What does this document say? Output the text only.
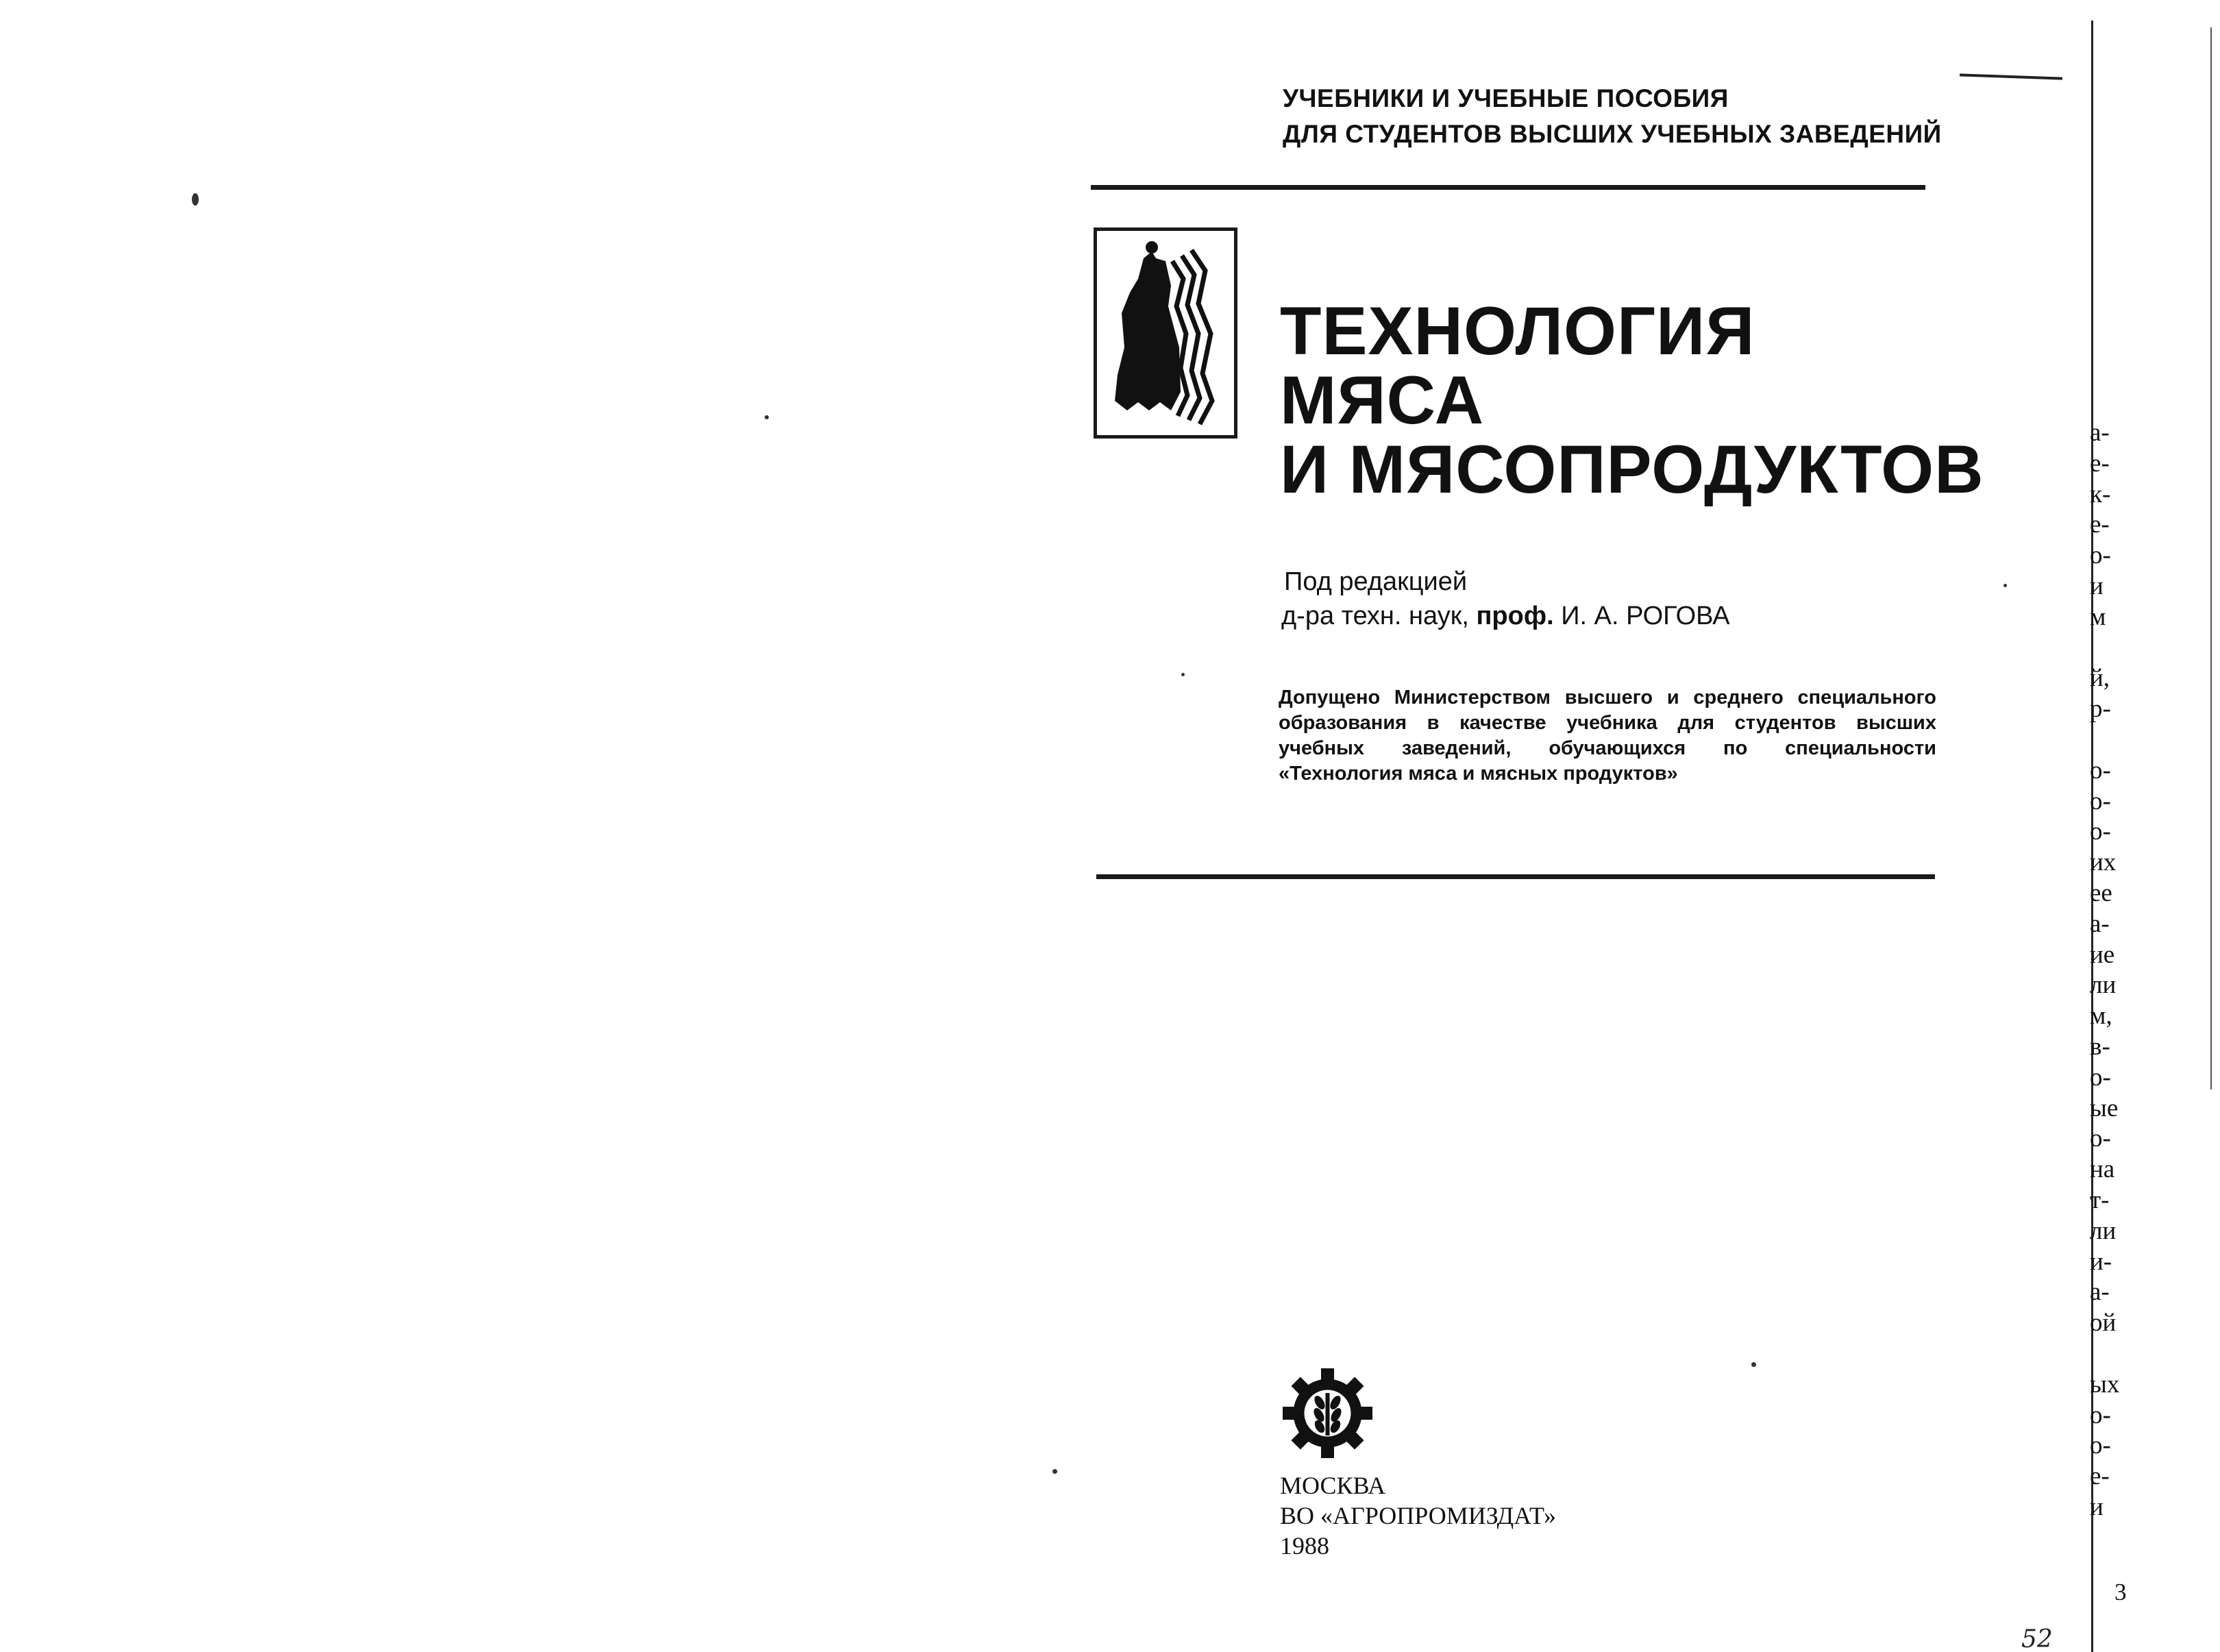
УЧЕБНИКИ И УЧЕБНЫЕ ПОСОБИЯ
ДЛЯ СТУДЕНТОВ ВЫСШИХ УЧЕБНЫХ ЗАВЕДЕНИЙ
ТЕХНОЛОГИЯ
МЯСА
И МЯСОПРОДУКТОВ
Под редакцией
д-ра техн. наук, проф. И. А. РОГОВА
Допущено Министерством высшего и среднего специального образования в качестве учебника для студентов высших учебных заведений, обучающихся по специальности «Технология мяса и мясных продуктов»
МОСКВА
ВО «АГРОПРОМИЗДАТ»
1988
а-
е-
к-
е-
о-
и
м

й,
р-

о-
о-
о-
их
ее
а-
ие
ли
м,
в-
о-
ые
о-
на
т-
ли
и-
а-
ой

ых
о-
о-
е-
и
3
52
